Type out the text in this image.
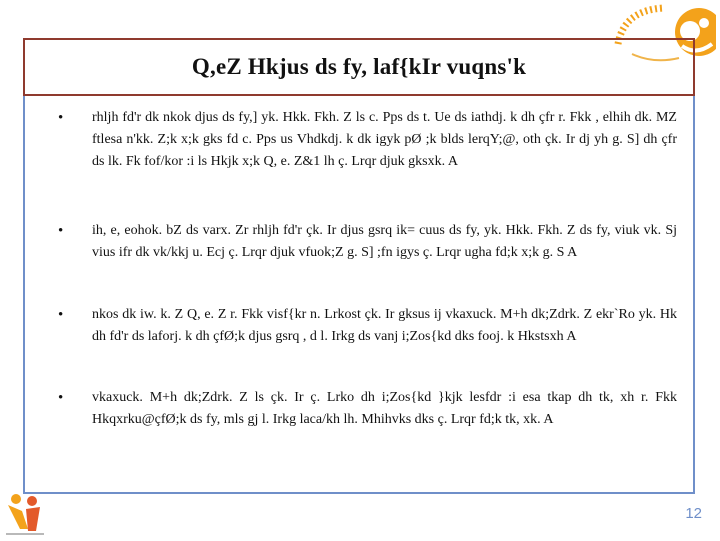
Q,eZ Hkjus ds fy, laf{kIr vuqns'k
• rhljh fd'r dk nkok djus ds fy,] yk. Hkk. Fkh. Z ls c. Pps ds t. Ue ds iathdj. k dh çfr r. Fkk , elhih dk. MZ ftlesa n'kk. Z;k x;k gks fd c. Pps us Vhdkdj. k dk igyk pØ ;k blds lerqY;@, oth çk. Ir dj yh g. S] dh çfr ds lk. Fk fof/kor :i ls Hkjk x;k Q, e. Z&1 lh ç. Lrqr djuk gksxk. A
• ih, e, eohok. bZ ds varx. Zr rhljh fd'r çk. Ir djus gsrq ik= cuus ds fy, yk. Hkk. Fkh. Z ds fy, viuk vk. Sj vius ifr dk vk/kkj u. Ecj ç. Lrqr djuk vfuok;Z g. S] ;fn igys ç. Lrqr ugha fd;k x;k g. S A
• nkos dk iw. k. Z Q, e. Z r. Fkk visf{kr n. Lrkost çk. Ir gksus ij vkaxuck. M+h dk;Zdrk. Z ekr`Ro yk. Hk dh fd'r ds laforj. k dh çfØ;k djus gsrq , d l. Irkg ds vanj i;Zos{kd dks fooj. k Hkstsxh A
• vkaxuck. M+h dk;Zdrk. Z ls çk. Ir ç. Lrko dh i;Zos{kd }kjk lesfdr :i esa tkap dh tk, xh r. Fkk Hkqxrku@çfØ;k ds fy, mls gj l. Irkg laca/kh lh. Mhihvks dks ç. Lrqr fd;k tk, xk. A
12
